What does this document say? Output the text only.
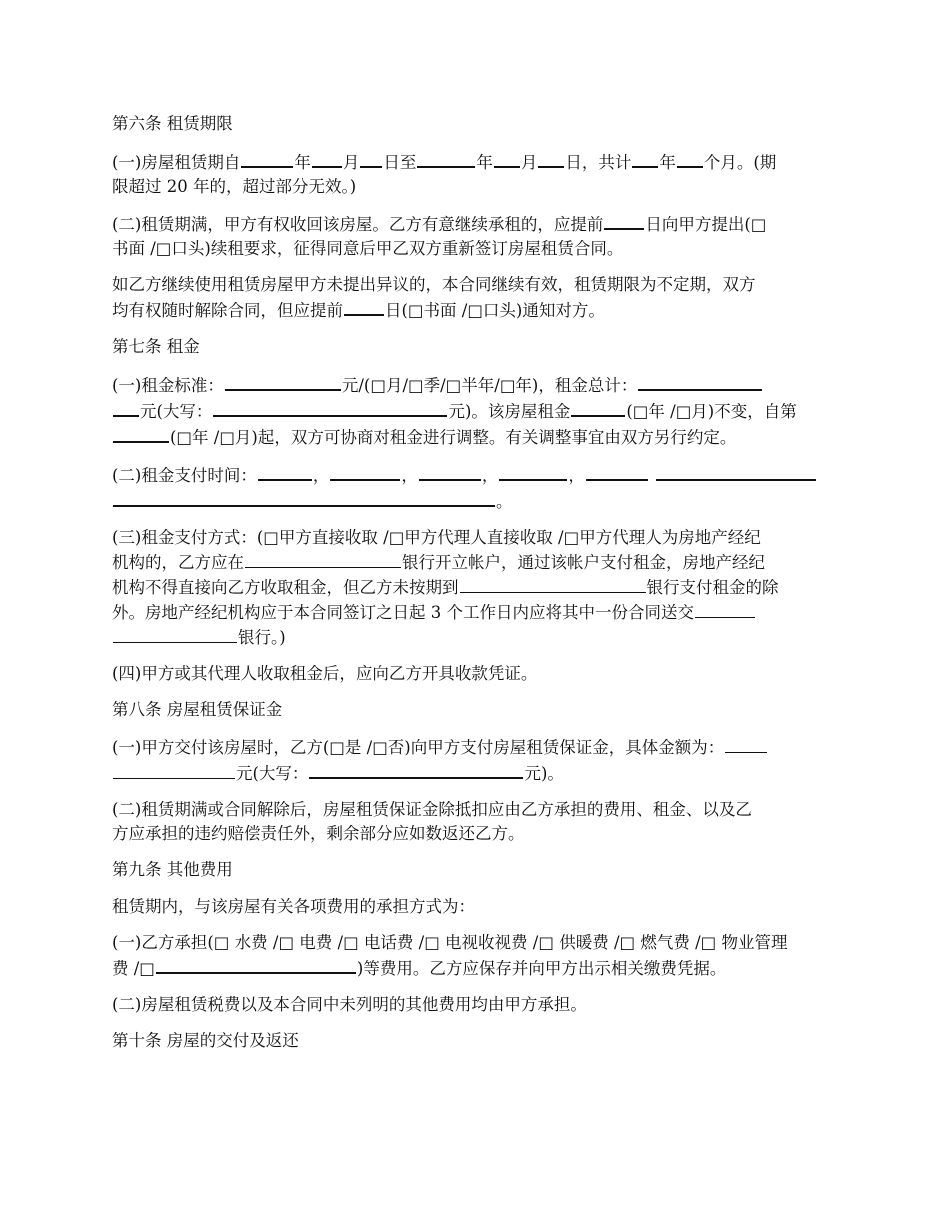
第六条 租赁期限

(一)房屋租赁期自	年 月 日至	年 月 日，共计 年 个月。(期
限超过 20 年的，超过部分无效。)

(二)租赁期满，甲方有权收回该房屋。乙方有意继续承租的，应提前	日向甲方提出(□
书面 /□口头)续租要求，征得同意后甲乙双方重新签订房屋租赁合同。

如乙方继续使用租赁房屋甲方未提出异议的，本合同继续有效，租赁期限为不定期，双方
均有权随时解除合同，但应提前	日(□书面 /□口头)通知对方。

第七条 租金

(一)租金标准：	元/(□月/□季/□半年/□年)，租金总计：
元(大写：	元)。该房屋租金	(□年 /□月)不变，自第
(□年 /□月)起，双方可协商对租金进行调整。有关调整事宜由双方另行约定。

(二)租金支付时间：	，	，	，	，
。

(三)租金支付方式：(□甲方直接收取 /□甲方代理人直接收取 /□甲方代理人为房地产经纪
机构的，乙方应在	银行开立帐户，通过该帐户支付租金，房地产经纪
机构不得直接向乙方收取租金，但乙方未按期到	银行支付租金的除
外。房地产经纪机构应于本合同签订之日起 3 个工作日内应将其中一份合同送交
银行。)

(四)甲方或其代理人收取租金后，应向乙方开具收款凭证。

第八条 房屋租赁保证金

(一)甲方交付该房屋时，乙方(□是 /□否)向甲方支付房屋租赁保证金，具体金额为：
元(大写：	元)。

(二)租赁期满或合同解除后，房屋租赁保证金除抵扣应由乙方承担的费用、租金、以及乙
方应承担的违约赔偿责任外，剩余部分应如数返还乙方。

第九条 其他费用

租赁期内，与该房屋有关各项费用的承担方式为：

(一)乙方承担(□ 水费 /□ 电费 /□ 电话费 /□ 电视收视费 /□ 供暖费 /□ 燃气费 /□ 物业管理
费 /□	)等费用。乙方应保存并向甲方出示相关缴费凭据。

(二)房屋租赁税费以及本合同中未列明的其他费用均由甲方承担。

第十条 房屋的交付及返还
